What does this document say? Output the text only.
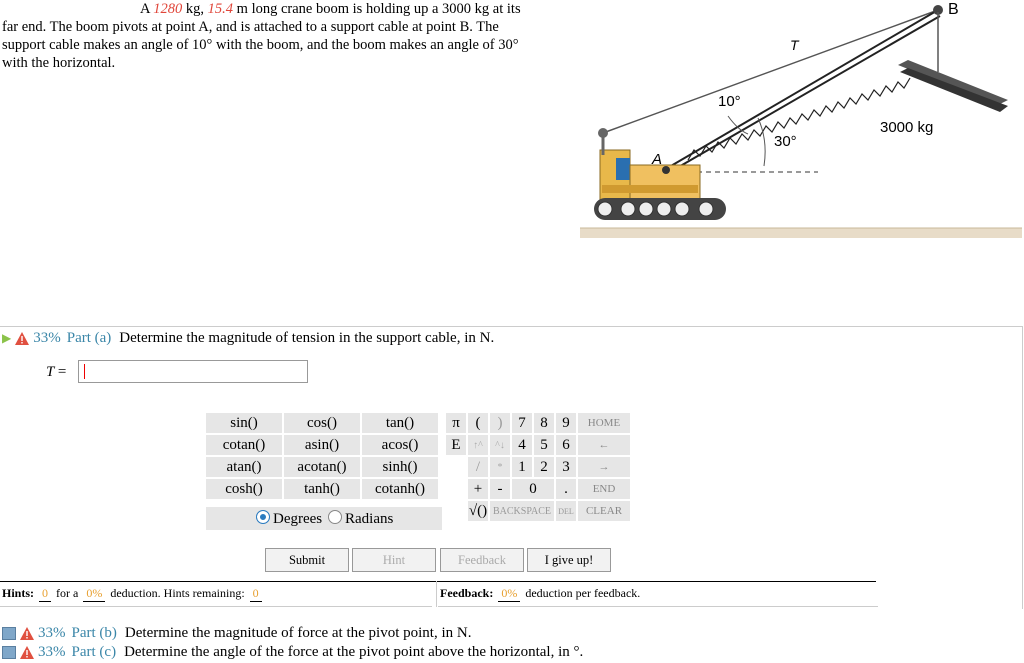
A 1280 kg, 15.4 m long crane boom is holding up a 3000 kg at its
far end. The boom pivots at point A, and is attached to a support cable at point B. The
support cable makes an angle of 10° with the boom, and the boom makes an angle of 30°
with the horizontal.
B
T
3000 kg
10°
30°
A
▶ 33% Part (a) Determine the magnitude of tension in the support cable, in N.
T =
sin()	cos()	tan()
cotan()	asin()	acos()
atan()	acotan()	sinh()
cosh()	tanh()	cotanh()
Degrees	Radians
π	(	)	7	8	9	HOME
E	↑^	^↓	4	5	6	←
	/	*	1	2	3	→
	+	-	0		.	END
	√()	BACKSPACE			DEL	CLEAR
Submit	Hint	Feedback	I give up!
Hints: 0 for a 0% deduction. Hints remaining: 0	Feedback: 0% deduction per feedback.
33% Part (b) Determine the magnitude of force at the pivot point, in N.
33% Part (c) Determine the angle of the force at the pivot point above the horizontal, in °.
